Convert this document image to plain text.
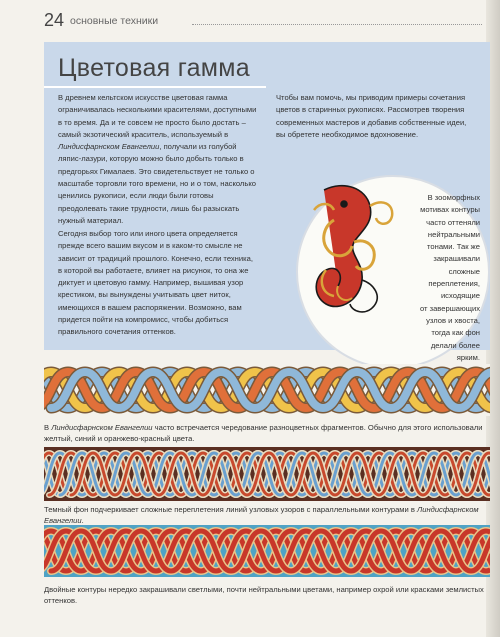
24 основные техники
Цветовая гамма
В древнем кельтском искусстве цветовая гамма ограничивалась несколькими красителями, доступными в то время. Да и те совсем не просто было достать – самый экзотический краситель, используемый в Линдисфарнском Евангелии, получали из голубой ляпис-лазури, которую можно было добыть только в предгорьях Гималаев. Это свидетельствует не только о масштабе торговли того времени, но и о том, насколько ценились рукописи, если люди были готовы преодолевать такие трудности, лишь бы разыскать нужный материал.
Сегодня выбор того или иного цвета определяется прежде всего вашим вкусом и в каком-то смысле не зависит от традиций прошлого. Конечно, если техника, в которой вы работаете, влияет на рисунок, то она же диктует и цветовую гамму. Например, вышивая узор крестиком, вы вынуждены учитывать цвет ниток, имеющихся в вашем распоряжении. Возможно, вам придется пойти на компромисс, чтобы добиться правильного сочетания оттенков.
Чтобы вам помочь, мы приводим примеры сочетания цветов в старинных рукописях. Рассмотрев творения современных мастеров и добавив собственные идеи, вы обретете необходимое вдохновение.
В зооморфных
мотивах контуры
часто оттеняли
нейтральными
тонами. Так же
закрашивали
сложные
переплетения,
исходящие
от завершающих
узлов и хвоста,
тогда как фон
делали более
ярким.
В Линдисфарнском Евангелии часто встречается чередование разноцветных фрагментов. Обычно для этого использовали желтый, синий и оранжево-красный цвета.
Темный фон подчеркивает сложные переплетения линий узловых узоров с параллельными контурами в Линдисфарнском Евангелии.
Двойные контуры нередко закрашивали светлыми, почти нейтральными цветами, например охрой или красками землистых оттенков.
